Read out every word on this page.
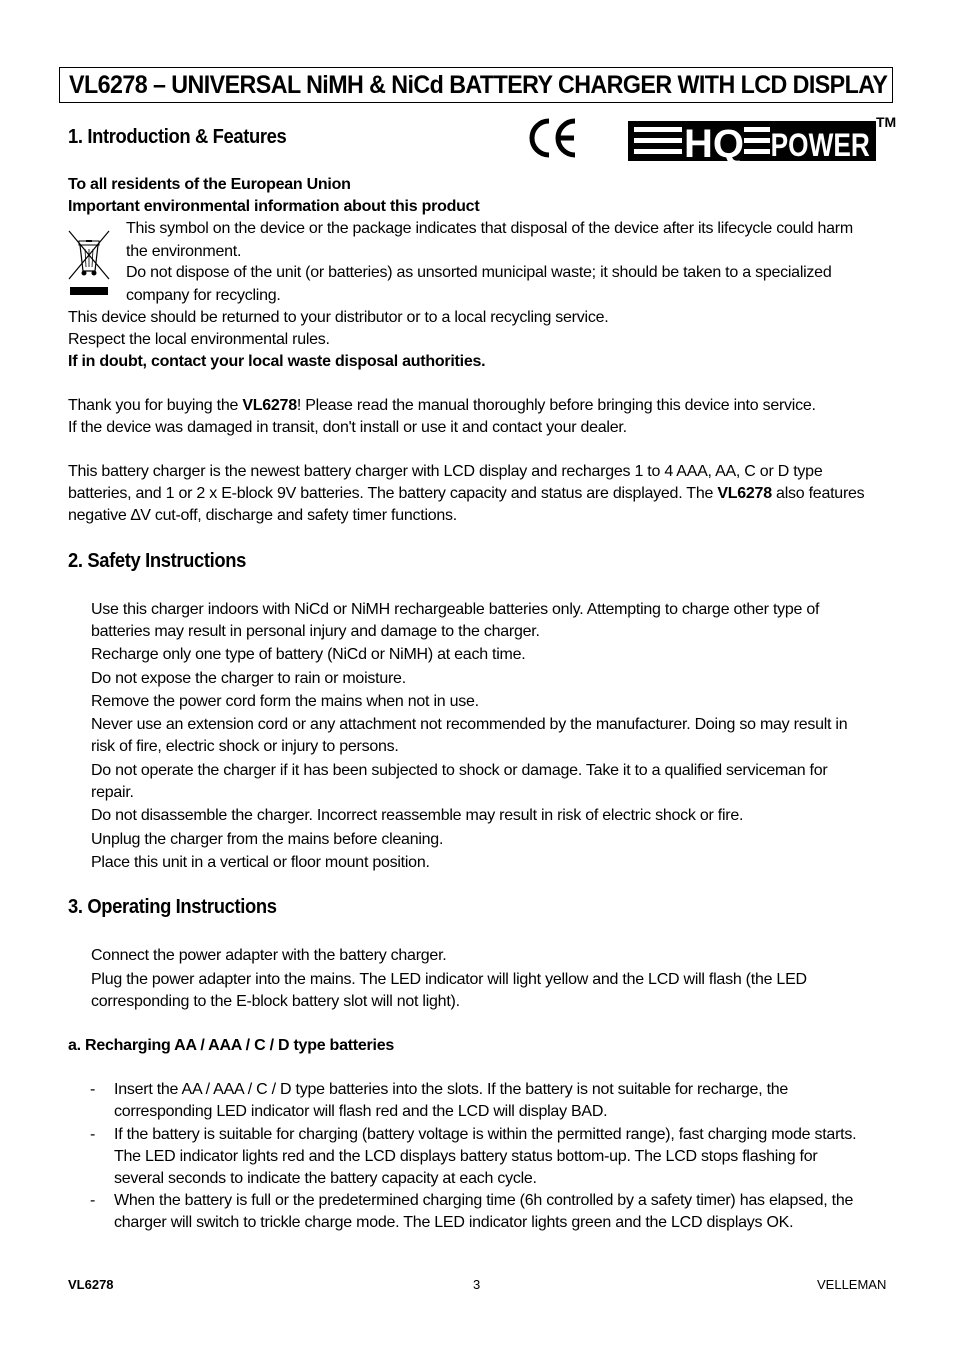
VL6278 – UNIVERSAL NiMH & NiCd BATTERY CHARGER WITH LCD DISPLAY
1. Introduction & Features	HQ POWER
TM
To all residents of the European Union
Important environmental information about this product
This symbol on the device or the package indicates that disposal of the device after its lifecycle could harm
the environment.
Do not dispose of the unit (or batteries) as unsorted municipal waste; it should be taken to a specialized
company for recycling.
This device should be returned to your distributor or to a local recycling service.
Respect the local environmental rules.
If in doubt, contact your local waste disposal authorities.
Thank you for buying the VL6278! Please read the manual thoroughly before bringing this device into service.
If the device was damaged in transit, don't install or use it and contact your dealer.
This battery charger is the newest battery charger with LCD display and recharges 1 to 4 AAA, AA, C or D type
batteries, and 1 or 2 x E-block 9V batteries. The battery capacity and status are displayed. The VL6278 also features
negative ∆V cut-off, discharge and safety timer functions.
2. Safety Instructions
Use this charger indoors with NiCd or NiMH rechargeable batteries only. Attempting to charge other type of
batteries may result in personal injury and damage to the charger.
Recharge only one type of battery (NiCd or NiMH) at each time.
Do not expose the charger to rain or moisture.
Remove the power cord form the mains when not in use.
Never use an extension cord or any attachment not recommended by the manufacturer. Doing so may result in
risk of fire, electric shock or injury to persons.
Do not operate the charger if it has been subjected to shock or damage. Take it to a qualified serviceman for
repair.
Do not disassemble the charger. Incorrect reassemble may result in risk of electric shock or fire.
Unplug the charger from the mains before cleaning.
Place this unit in a vertical or floor mount position.
3. Operating Instructions
Connect the power adapter with the battery charger.
Plug the power adapter into the mains. The LED indicator will light yellow and the LCD will flash (the LED
corresponding to the E-block battery slot will not light).
a. Recharging AA / AAA / C / D type batteries
- Insert the AA / AAA / C / D type batteries into the slots. If the battery is not suitable for recharge, the
corresponding LED indicator will flash red and the LCD will display BAD.
- If the battery is suitable for charging (battery voltage is within the permitted range), fast charging mode starts.
The LED indicator lights red and the LCD displays battery status bottom-up. The LCD stops flashing for
several seconds to indicate the battery capacity at each cycle.
- When the battery is full or the predetermined charging time (6h controlled by a safety timer) has elapsed, the
charger will switch to trickle charge mode. The LED indicator lights green and the LCD displays OK.
VL6278	3	VELLEMAN
